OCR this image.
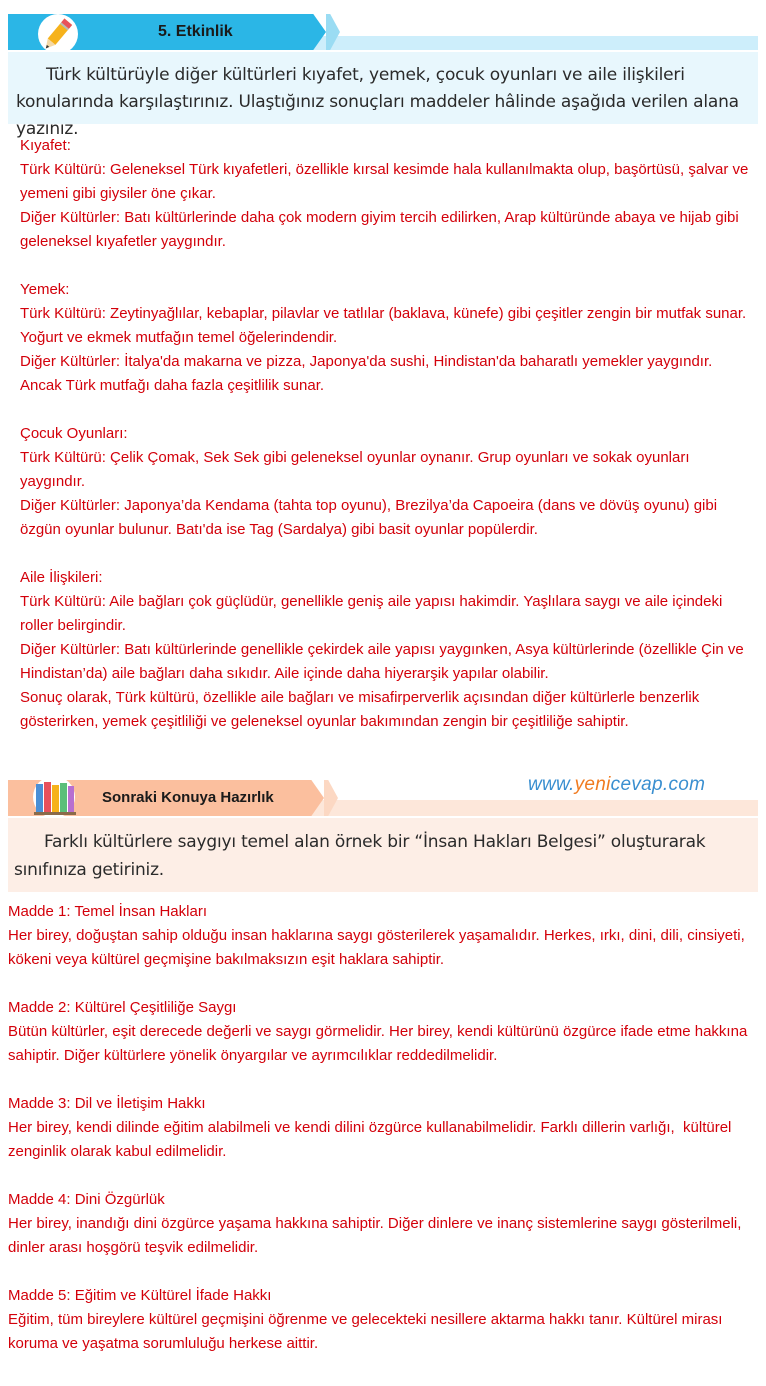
5. Etkinlik

Türk kültürüyle diğer kültürleri kıyafet, yemek, çocuk oyunları ve aile ilişkileri konularında karşılaştırınız. Ulaştığınız sonuçları maddeler hâlinde aşağıda verilen alana yazınız.

Kıyafet:

Türk Kültürü: Geleneksel Türk kıyafetleri, özellikle kırsal kesimde hala kullanılmakta olup, başörtüsü, şalvar ve yemeni gibi giysiler öne çıkar.

Diğer Kültürler: Batı kültürlerinde daha çok modern giyim tercih edilirken, Arap kültüründe abaya ve hijab gibi geleneksel kıyafetler yaygındır.

Yemek:

Türk Kültürü: Zeytinyağlılar, kebaplar, pilavlar ve tatlılar (baklava, künefe) gibi çeşitler zengin bir mutfak sunar. Yoğurt ve ekmek mutfağın temel öğelerindendir.

Diğer Kültürler: İtalya'da makarna ve pizza, Japonya'da sushi, Hindistan'da baharatlı yemekler yaygındır. Ancak Türk mutfağı daha fazla çeşitlilik sunar.

Çocuk Oyunları:

Türk Kültürü: Çelik Çomak, Sek Sek gibi geleneksel oyunlar oynanır. Grup oyunları ve sokak oyunları yaygındır.

Diğer Kültürler: Japonya’da Kendama (tahta top oyunu), Brezilya’da Capoeira (dans ve dövüş oyunu) gibi özgün oyunlar bulunur. Batı'da ise Tag (Sardalya) gibi basit oyunlar popülerdir.

Aile İlişkileri:

Türk Kültürü: Aile bağları çok güçlüdür, genellikle geniş aile yapısı hakimdir. Yaşlılara saygı ve aile içindeki roller belirgindir.

Diğer Kültürler: Batı kültürlerinde genellikle çekirdek aile yapısı yaygınken, Asya kültürlerinde (özellikle Çin ve Hindistan’da) aile bağları daha sıkıdır. Aile içinde daha hiyerarşik yapılar olabilir.

Sonuç olarak, Türk kültürü, özellikle aile bağları ve misafirperverlik açısından diğer kültürlerle benzerlik gösterirken, yemek çeşitliliği ve geleneksel oyunlar bakımından zengin bir çeşitliliğe sahiptir.

Sonraki Konuya Hazırlık
www.yenicevap.com

Farklı kültürlere saygıyı temel alan örnek bir “İnsan Hakları Belgesi” oluşturarak sınıfınıza getiriniz.

Madde 1: Temel İnsan Hakları

Her birey, doğuştan sahip olduğu insan haklarına saygı gösterilerek yaşamalıdır. Herkes, ırkı, dini, dili, cinsiyeti, kökeni veya kültürel geçmişine bakılmaksızın eşit haklara sahiptir.

Madde 2: Kültürel Çeşitliliğe Saygı

Bütün kültürler, eşit derecede değerli ve saygı görmelidir. Her birey, kendi kültürünü özgürce ifade etme hakkına sahiptir. Diğer kültürlere yönelik önyargılar ve ayrımcılıklar reddedilmelidir.

Madde 3: Dil ve İletişim Hakkı

Her birey, kendi dilinde eğitim alabilmeli ve kendi dilini özgürce kullanabilmelidir. Farklı dillerin varlığı,  kültürel zenginlik olarak kabul edilmelidir.

Madde 4: Dini Özgürlük

Her birey, inandığı dini özgürce yaşama hakkına sahiptir. Diğer dinlere ve inanç sistemlerine saygı gösterilmeli, dinler arası hoşgörü teşvik edilmelidir.

Madde 5: Eğitim ve Kültürel İfade Hakkı

Eğitim, tüm bireylere kültürel geçmişini öğrenme ve gelecekteki nesillere aktarma hakkı tanır. Kültürel mirası koruma ve yaşatma sorumluluğu herkese aittir.
